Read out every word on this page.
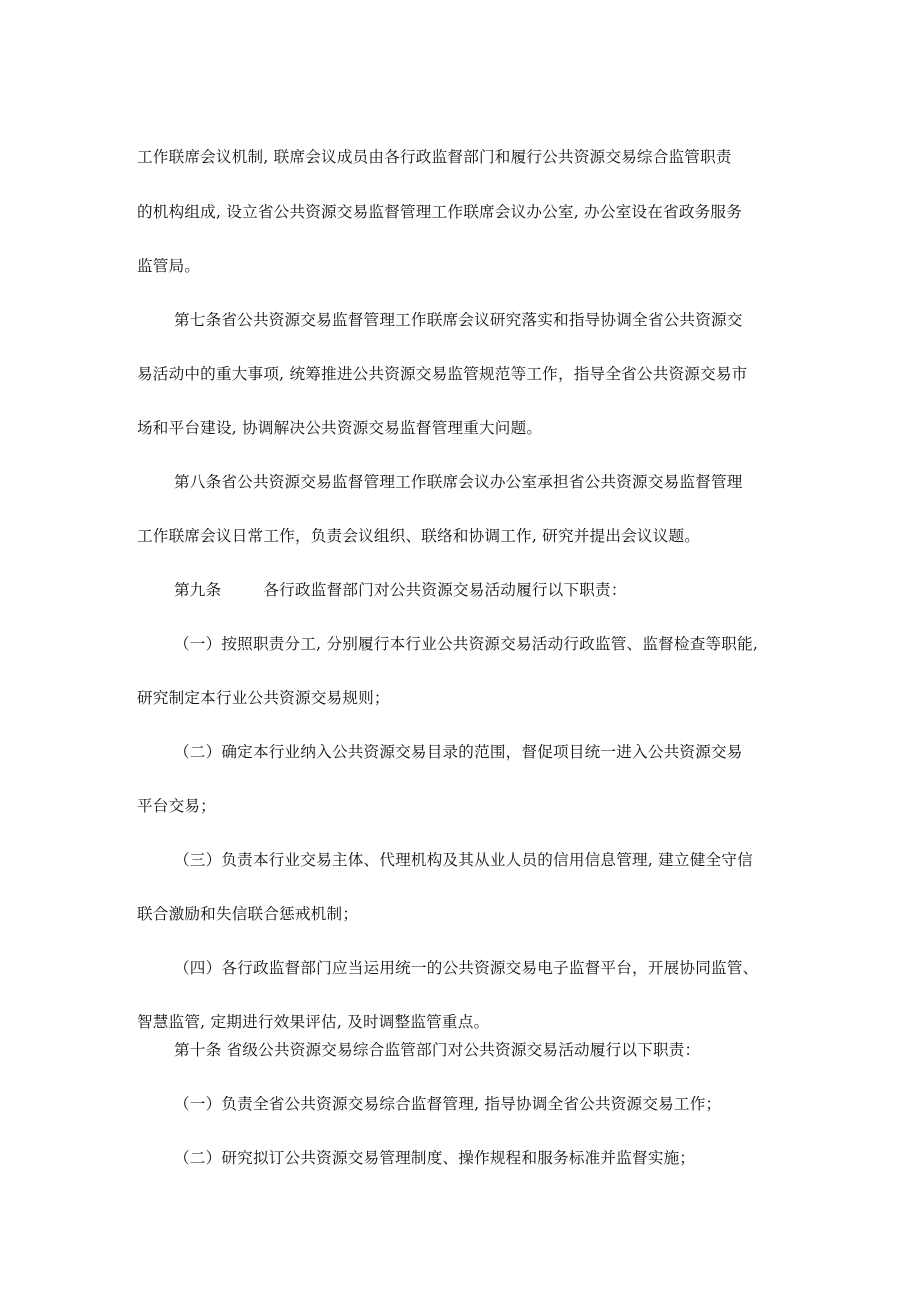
工作联席会议机制, 联席会议成员由各行政监督部门和履行公共资源交易综合监管职责
的机构组成, 设立省公共资源交易监督管理工作联席会议办公室, 办公室设在省政务服务
监管局。
第七条省公共资源交易监督管理工作联席会议研究落实和指导协调全省公共资源交
易活动中的重大事项, 统筹推进公共资源交易监管规范等工作，指导全省公共资源交易市
场和平台建设, 协调解决公共资源交易监督管理重大问题。
第八条省公共资源交易监督管理工作联席会议办公室承担省公共资源交易监督管理
工作联席会议日常工作，负责会议组织、联络和协调工作, 研究并提出会议议题。
第九条	各行政监督部门对公共资源交易活动履行以下职责：
（一）按照职责分工, 分别履行本行业公共资源交易活动行政监管、监督检查等职能,
研究制定本行业公共资源交易规则；
（二）确定本行业纳入公共资源交易目录的范围，督促项目统一进入公共资源交易
平台交易；
（三）负责本行业交易主体、代理机构及其从业人员的信用信息管理, 建立健全守信
联合激励和失信联合惩戒机制；
（四）各行政监督部门应当运用统一的公共资源交易电子监督平台，开展协同监管、
智慧监管, 定期进行效果评估, 及时调整监管重点。
第十条 省级公共资源交易综合监管部门对公共资源交易活动履行以下职责：
（一）负责全省公共资源交易综合监督管理, 指导协调全省公共资源交易工作；
（二）研究拟订公共资源交易管理制度、操作规程和服务标准并监督实施；
